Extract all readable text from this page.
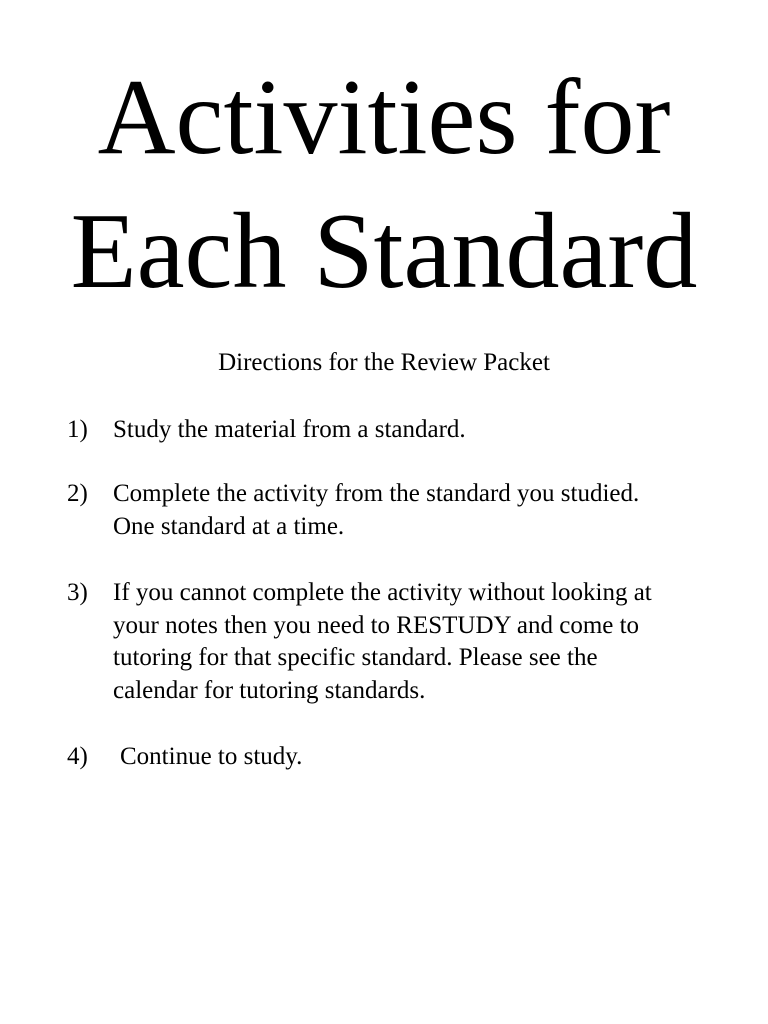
Activities for
Each Standard

Directions for the Review Packet

1) Study the material from a standard.

2) Complete the activity from the standard you studied.
One standard at a time.

3) If you cannot complete the activity without looking at
your notes then you need to RESTUDY and come to
tutoring for that specific standard. Please see the
calendar for tutoring standards.

4) Continue to study.
